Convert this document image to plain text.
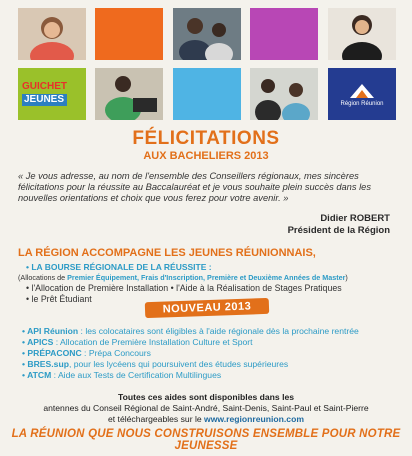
GUICHET
JEUNES	Région Réunion
FÉLICITATIONS
AUX BACHELIERS 2013
« Je vous adresse, au nom de l'ensemble des Conseillers régionaux, mes sincères félicitations pour la réussite au Baccalauréat et je vous souhaite plein succès dans les nouvelles orientations et choix que vous ferez pour votre avenir. »
Didier ROBERT
Président de la Région
LA RÉGION ACCOMPAGNE LES JEUNES RÉUNIONNAIS,
• LA BOURSE RÉGIONALE DE LA RÉUSSITE :
(Allocations de Premier Équipement, Frais d'Inscription, Première et Deuxième Années de Master)
• l'Allocation de Première Installation • l'Aide à la Réalisation de Stages Pratiques
• le Prêt Étudiant
NOUVEAU 2013
• API Réunion : les colocataires sont éligibles à l'aide régionale dès la prochaine rentrée
• APICS : Allocation de Première Installation Culture et Sport
• PRÉPACONC : Prépa Concours
• BRES.sup, pour les lycéens qui poursuivent des études supérieures
• ATCM : Aide aux Tests de Certification Multilingues
Toutes ces aides sont disponibles dans les
antennes du Conseil Régional de Saint-André, Saint-Denis, Saint-Paul et Saint-Pierre
et téléchargeables sur le www.regionreunion.com
LA RÉUNION QUE NOUS CONSTRUISONS ENSEMBLE POUR NOTRE JEUNESSE
